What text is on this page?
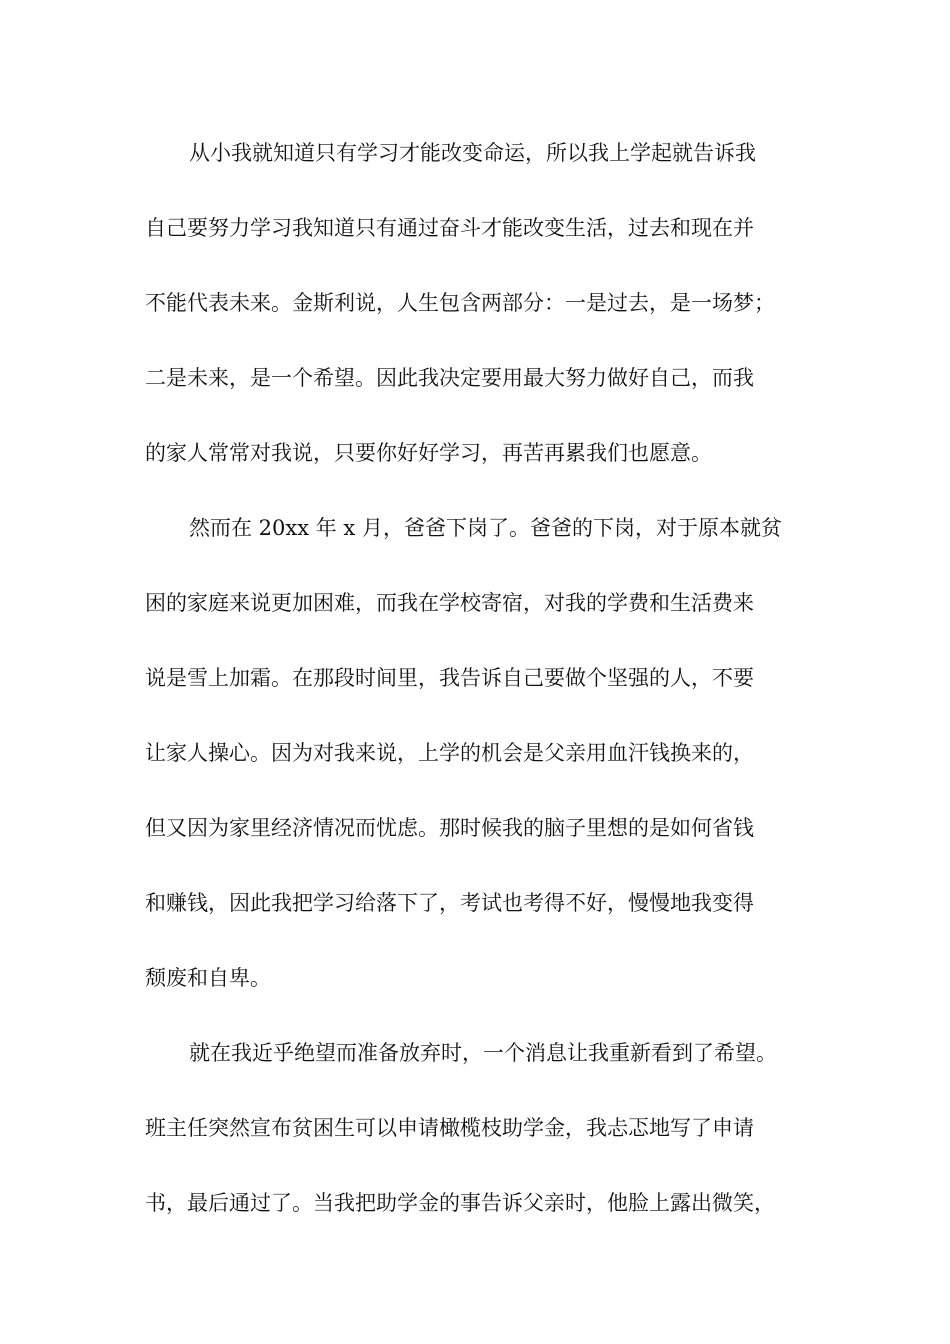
从小我就知道只有学习才能改变命运，所以我上学起就告诉我
自己要努力学习我知道只有通过奋斗才能改变生活，过去和现在并
不能代表未来。金斯利说，人生包含两部分：一是过去，是一场梦；
二是未来，是一个希望。因此我决定要用最大努力做好自己，而我
的家人常常对我说，只要你好好学习，再苦再累我们也愿意。
然而在 20xx 年 x 月，爸爸下岗了。爸爸的下岗，对于原本就贫
困的家庭来说更加困难，而我在学校寄宿，对我的学费和生活费来
说是雪上加霜。在那段时间里，我告诉自己要做个坚强的人，不要
让家人操心。因为对我来说，上学的机会是父亲用血汗钱换来的，
但又因为家里经济情况而忧虑。那时候我的脑子里想的是如何省钱
和赚钱，因此我把学习给落下了，考试也考得不好，慢慢地我变得
颓废和自卑。
就在我近乎绝望而准备放弃时，一个消息让我重新看到了希望。
班主任突然宣布贫困生可以申请橄榄枝助学金，我忐忑地写了申请
书，最后通过了。当我把助学金的事告诉父亲时，他脸上露出微笑，
